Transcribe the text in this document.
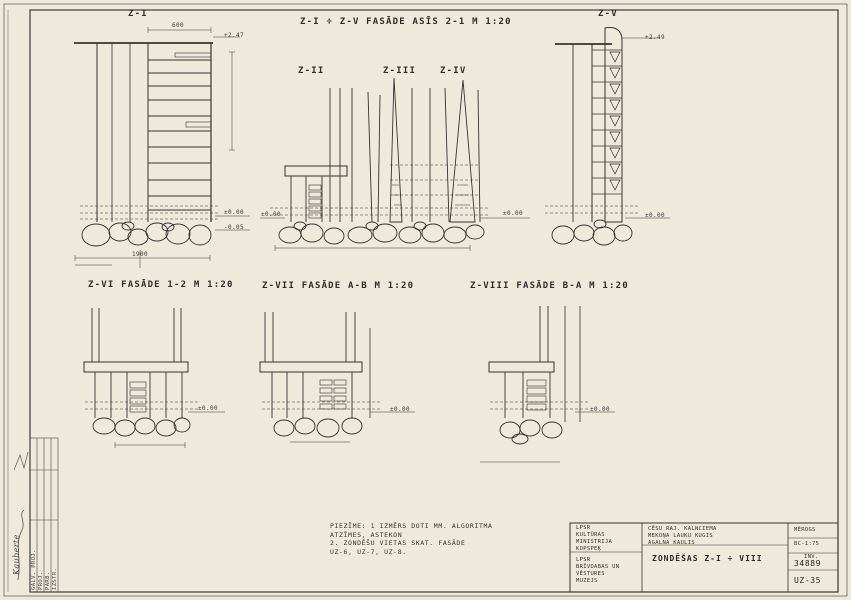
Z-I
Z-I ÷ Z-V FASĀDE ASĪS 2-1 M 1:20
Z-II	Z-III	Z-IV
Z-V
Z-VI FASĀDE 1-2 M 1:20	Z-VII FASĀDE A-B M 1:20	Z-VIII FASĀDE B-A M 1:20
+2.47
±0.00
-0.05
±0.00	±0.00
+2.49
±0.00
±0.00	±0.00	±0.00
600
1900
PIEZĪME: 1 IZMĒRS DOTI MM. ALGORITMA
ATZĪMES, ASTEKON
2. ZONDĒŠU VIETAS SKAT. FASĀDE
UZ-6, UZ-7, UZ-8.
LPSR
KULTŪRAS
MINISTRIJA
KOPSPEĶ
LPSR
BRĪVDABAS UN
VĒSTURES
MUZEJS
CĒSU RAJ. KALNCIEMA
MEKOŅA LAUKU KUGIS
AGALNA KAULIS
ZONDĒŠAS Z-I ÷ VIII
MĒROGS
BC-1:75
INV.
34889
UZ-35
GALV. PROJ. PROJ. PĀRB. IZSTR.
Kauberte
